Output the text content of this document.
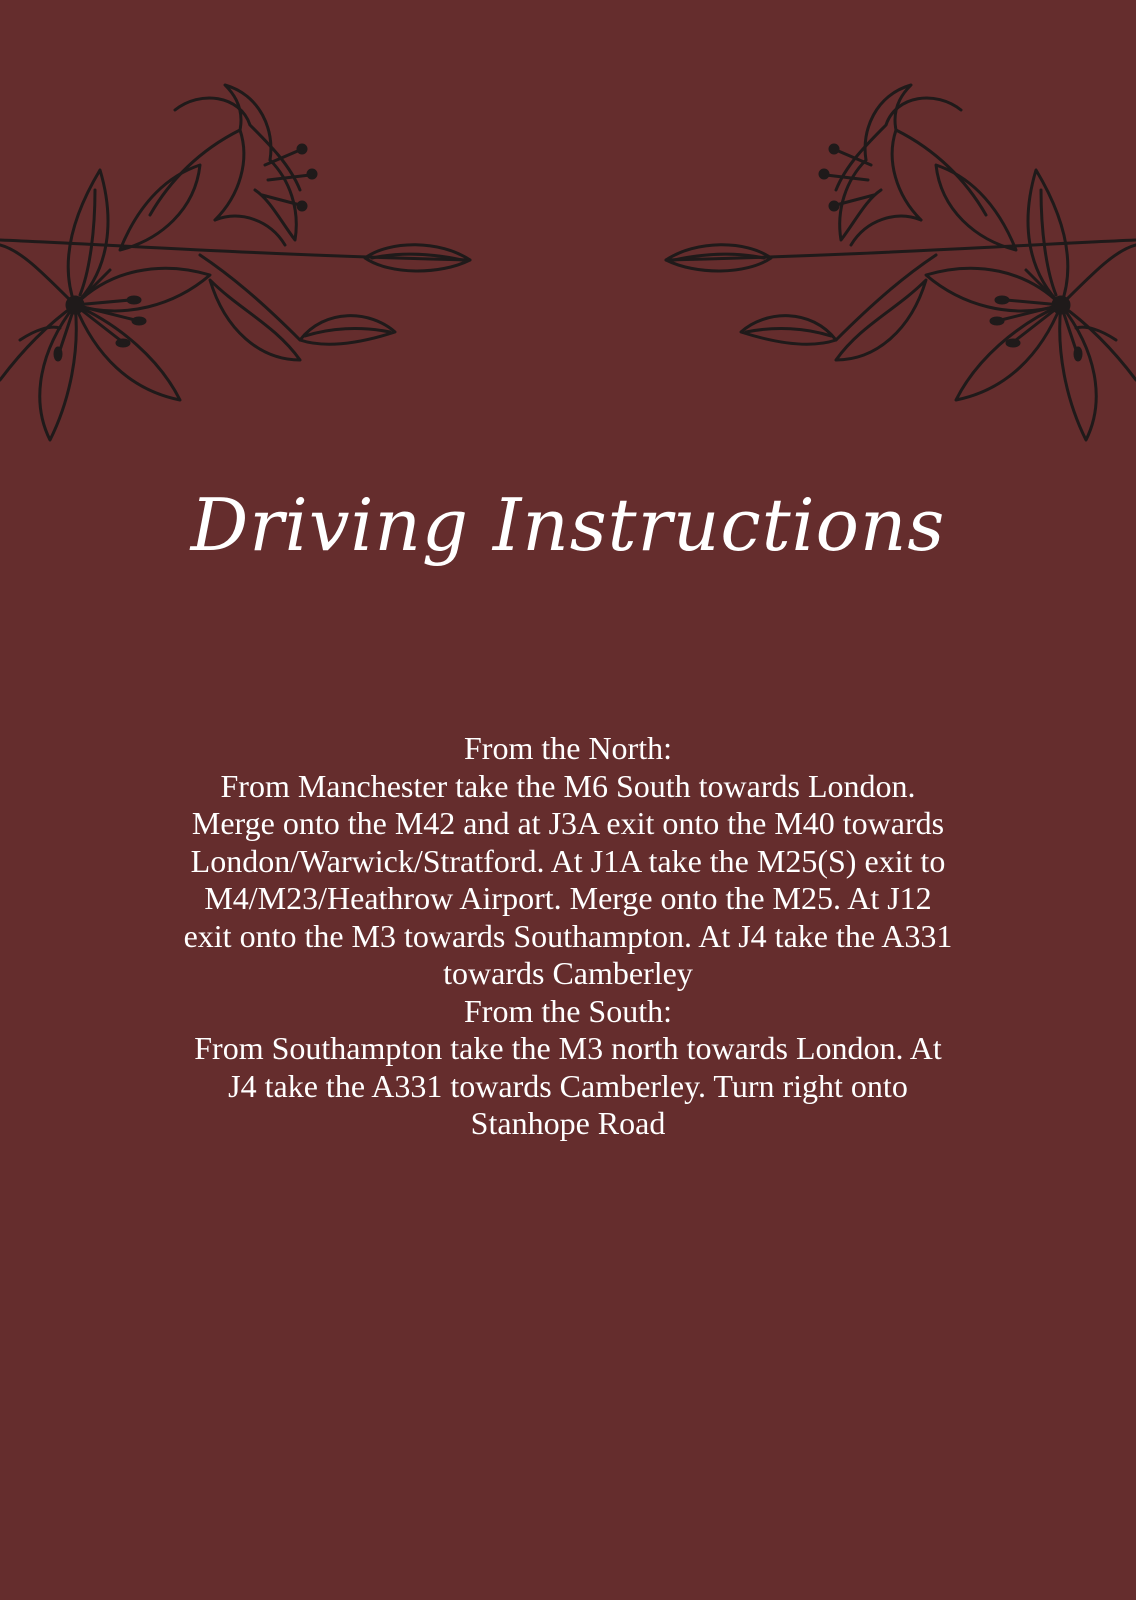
Driving Instructions

From the North:

From Manchester take the M6 South towards London. Merge onto the M42 and at J3A exit onto the M40 towards London/Warwick/Stratford. At J1A take the M25(S) exit to M4/M23/Heathrow Airport. Merge onto the M25. At J12 exit onto the M3 towards Southampton. At J4 take the A331 towards Camberley

From the South:

From Southampton take the M3 north towards London. At J4 take the A331 towards Camberley. Turn right onto Stanhope Road
